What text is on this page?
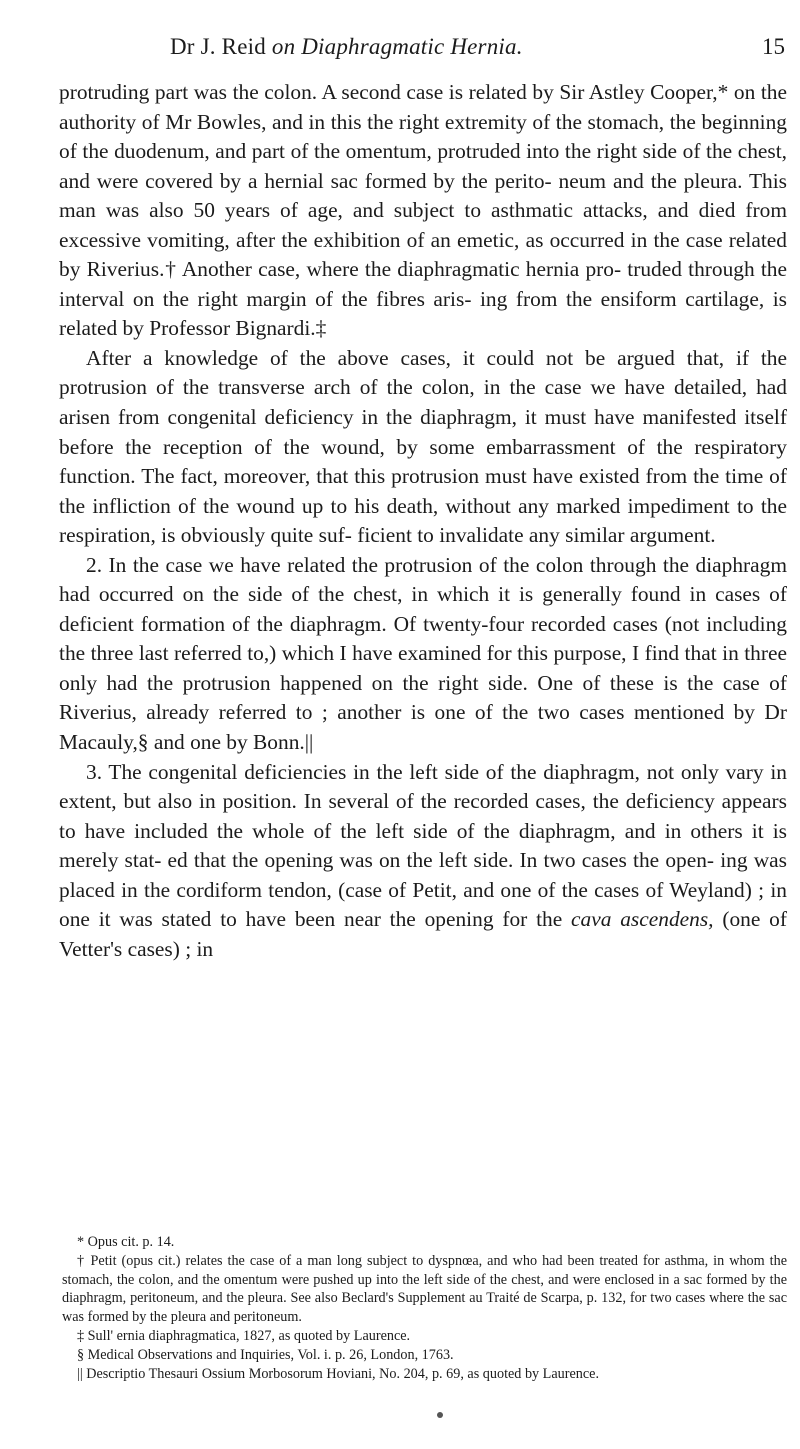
Dr J. Reid on Diaphragmatic Hernia.	15

protruding part was the colon. A second case is related by Sir Astley Cooper,* on the authority of Mr Bowles, and in this the right extremity of the stomach, the beginning of the duodenum, and part of the omentum, protruded into the right side of the chest, and were covered by a hernial sac formed by the perito- neum and the pleura. This man was also 50 years of age, and subject to asthmatic attacks, and died from excessive vomiting, after the exhibition of an emetic, as occurred in the case related by Riverius.† Another case, where the diaphragmatic hernia pro- truded through the interval on the right margin of the fibres aris- ing from the ensiform cartilage, is related by Professor Bignardi.‡

After a knowledge of the above cases, it could not be argued that, if the protrusion of the transverse arch of the colon, in the case we have detailed, had arisen from congenital deficiency in the diaphragm, it must have manifested itself before the reception of the wound, by some embarrassment of the respiratory function. The fact, moreover, that this protrusion must have existed from the time of the infliction of the wound up to his death, without any marked impediment to the respiration, is obviously quite suf- ficient to invalidate any similar argument.

2. In the case we have related the protrusion of the colon through the diaphragm had occurred on the side of the chest, in which it is generally found in cases of deficient formation of the diaphragm. Of twenty-four recorded cases (not including the three last referred to,) which I have examined for this purpose, I find that in three only had the protrusion happened on the right side. One of these is the case of Riverius, already referred to ; another is one of the two cases mentioned by Dr Macauly,§ and one by Bonn.||

3. The congenital deficiencies in the left side of the diaphragm, not only vary in extent, but also in position. In several of the recorded cases, the deficiency appears to have included the whole of the left side of the diaphragm, and in others it is merely stat- ed that the opening was on the left side. In two cases the open- ing was placed in the cordiform tendon, (case of Petit, and one of the cases of Weyland) ; in one it was stated to have been near the opening for the cava ascendens, (one of Vetter's cases) ; in

* Opus cit. p. 14.

† Petit (opus cit.) relates the case of a man long subject to dyspnœa, and who had been treated for asthma, in whom the stomach, the colon, and the omentum were pushed up into the left side of the chest, and were enclosed in a sac formed by the diaphragm, peritoneum, and the pleura. See also Beclard's Supplement au Traité de Scarpa, p. 132, for two cases where the sac was formed by the pleura and peritoneum.

‡ Sull' ernia diaphragmatica, 1827, as quoted by Laurence.

§ Medical Observations and Inquiries, Vol. i. p. 26, London, 1763.

|| Descriptio Thesauri Ossium Morbosorum Hoviani, No. 204, p. 69, as quoted by Laurence.
